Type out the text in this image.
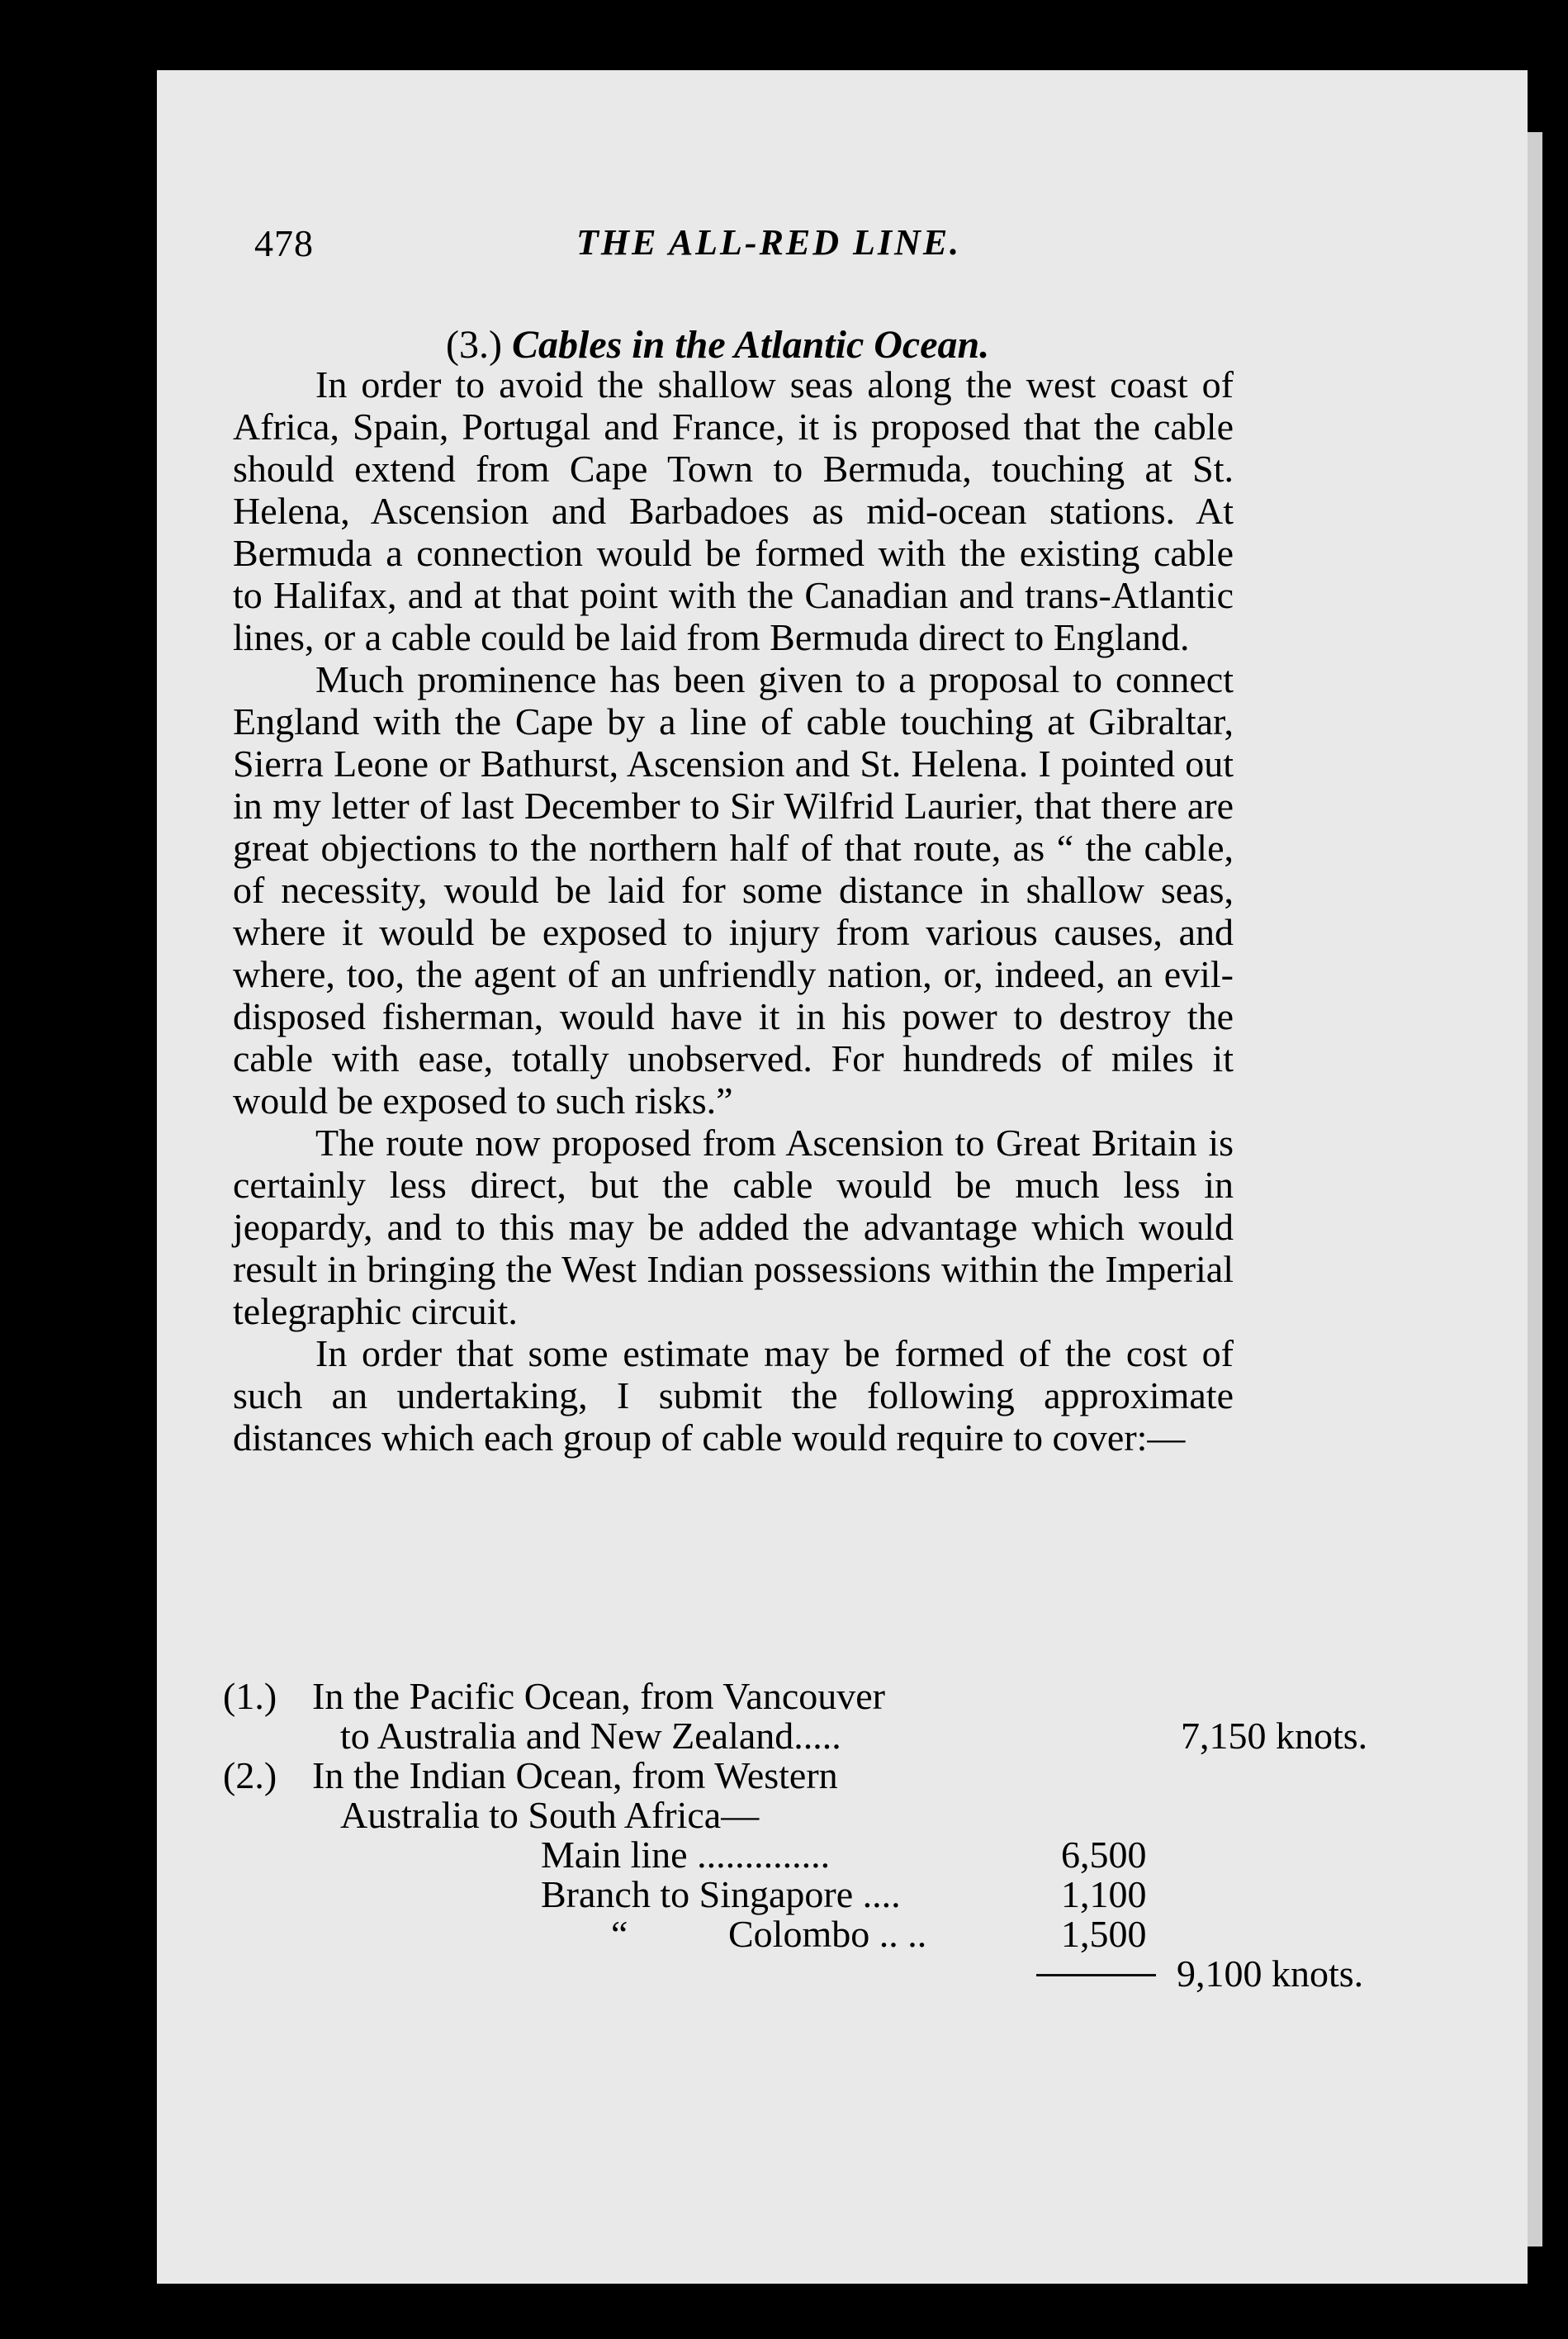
478	THE ALL-RED LINE.
(3.) Cables in the Atlantic Ocean.

In order to avoid the shallow seas along the west coast of Africa, Spain, Portugal and France, it is proposed that the cable should extend from Cape Town to Bermuda, touching at St. Helena, Ascension and Barbadoes as mid-ocean stations. At Bermuda a connection would be formed with the existing cable to Halifax, and at that point with the Canadian and trans-Atlantic lines, or a cable could be laid from Bermuda direct to England.

Much prominence has been given to a proposal to connect England with the Cape by a line of cable touching at Gibraltar, Sierra Leone or Bathurst, Ascension and St. Helena. I pointed out in my letter of last December to Sir Wilfrid Laurier, that there are great objections to the northern half of that route, as “ the cable, of necessity, would be laid for some distance in shallow seas, where it would be exposed to injury from various causes, and where, too, the agent of an unfriendly nation, or, indeed, an evil-disposed fisherman, would have it in his power to destroy the cable with ease, totally unobserved. For hundreds of miles it would be exposed to such risks.”

The route now proposed from Ascension to Great Britain is certainly less direct, but the cable would be much less in jeopardy, and to this may be added the advantage which would result in bringing the West Indian possessions within the Imperial telegraphic circuit.

In order that some estimate may be formed of the cost of such an undertaking, I submit the following approximate distances which each group of cable would require to cover:—

(1.) In the Pacific Ocean, from Vancouver
to Australia and New Zealand.....	7,150 knots.
(2.) In the Indian Ocean, from Western
Australia to South Africa—
Main line ..............	6,500
Branch to Singapore ....	1,100
“	Colombo .. ..	1,500
9,100 knots.
